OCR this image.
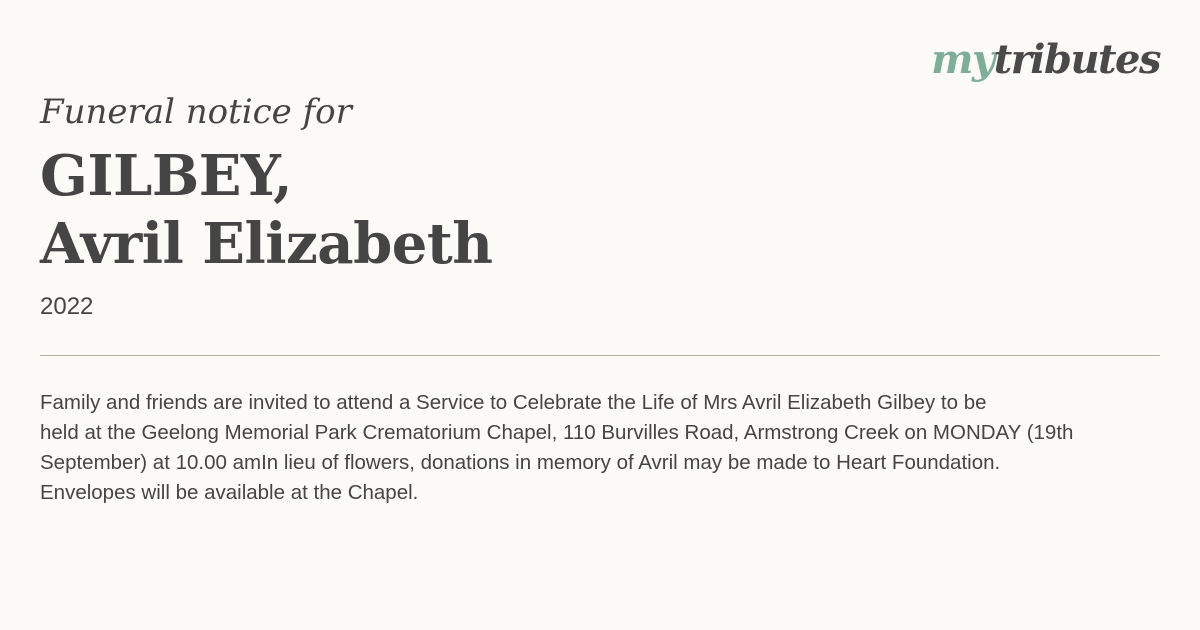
mytributes
Funeral notice for
GILBEY,
Avril Elizabeth
2022

Family and friends are invited to attend a Service to Celebrate the Life of Mrs Avril Elizabeth Gilbey to be
held at the Geelong Memorial Park Crematorium Chapel, 110 Burvilles Road, Armstrong Creek on MONDAY (19th
September) at 10.00 amIn lieu of flowers, donations in memory of Avril may be made to Heart Foundation.
Envelopes will be available at the Chapel.
